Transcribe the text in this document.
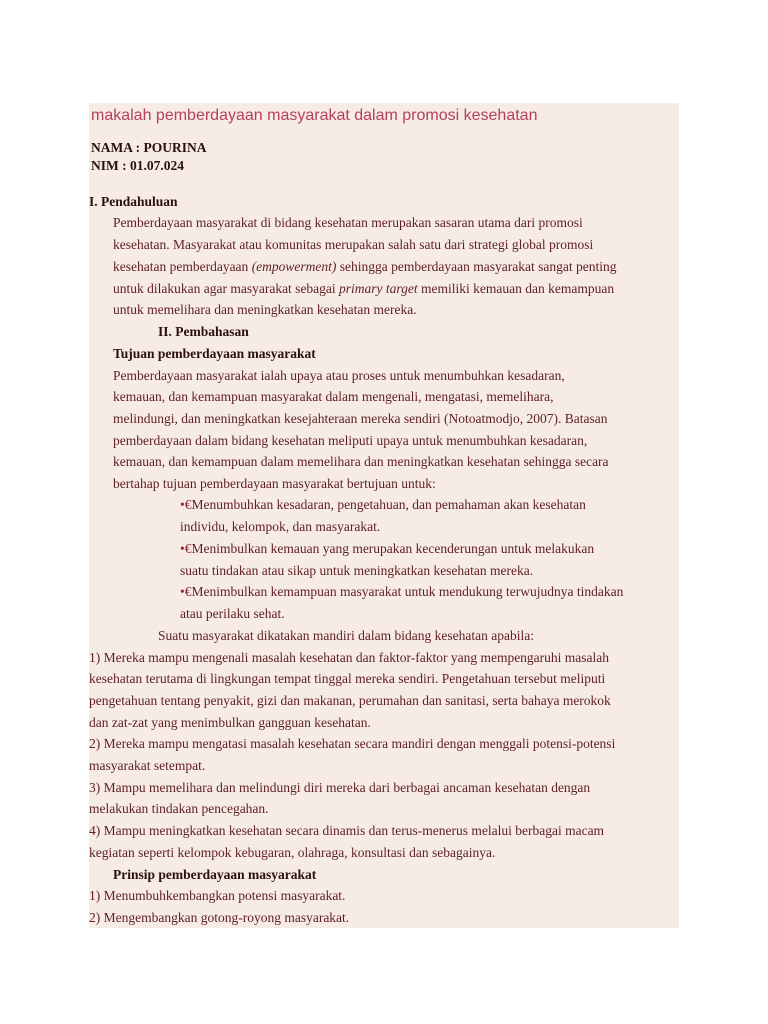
makalah pemberdayaan masyarakat dalam promosi kesehatan
NAMA : POURINA
NIM : 01.07.024
I. Pendahuluan
Pemberdayaan masyarakat di bidang kesehatan merupakan sasaran utama dari promosi
kesehatan. Masyarakat atau komunitas merupakan salah satu dari strategi global promosi
kesehatan pemberdayaan (empowerment) sehingga pemberdayaan masyarakat sangat penting
untuk dilakukan agar masyarakat sebagai primary target memiliki kemauan dan kemampuan
untuk memelihara dan meningkatkan kesehatan mereka.
II. Pembahasan
Tujuan pemberdayaan masyarakat
Pemberdayaan masyarakat ialah upaya atau proses untuk menumbuhkan kesadaran,
kemauan, dan kemampuan masyarakat dalam mengenali, mengatasi, memelihara,
melindungi, dan meningkatkan kesejahteraan mereka sendiri (Notoatmodjo, 2007). Batasan
pemberdayaan dalam bidang kesehatan meliputi upaya untuk menumbuhkan kesadaran,
kemauan, dan kemampuan dalam memelihara dan meningkatkan kesehatan sehingga secara
bertahap tujuan pemberdayaan masyarakat bertujuan untuk:
•€Menumbuhkan kesadaran, pengetahuan, dan pemahaman akan kesehatan
individu, kelompok, dan masyarakat.
•€Menimbulkan kemauan yang merupakan kecenderungan untuk melakukan
suatu tindakan atau sikap untuk meningkatkan kesehatan mereka.
•€Menimbulkan kemampuan masyarakat untuk mendukung terwujudnya tindakan
atau perilaku sehat.
Suatu masyarakat dikatakan mandiri dalam bidang kesehatan apabila:
1) Mereka mampu mengenali masalah kesehatan dan faktor-faktor yang mempengaruhi masalah
kesehatan terutama di lingkungan tempat tinggal mereka sendiri. Pengetahuan tersebut meliputi
pengetahuan tentang penyakit, gizi dan makanan, perumahan dan sanitasi, serta bahaya merokok
dan zat-zat yang menimbulkan gangguan kesehatan.
2) Mereka mampu mengatasi masalah kesehatan secara mandiri dengan menggali potensi-potensi
masyarakat setempat.
3) Mampu memelihara dan melindungi diri mereka dari berbagai ancaman kesehatan dengan
melakukan tindakan pencegahan.
4) Mampu meningkatkan kesehatan secara dinamis dan terus-menerus melalui berbagai macam
kegiatan seperti kelompok kebugaran, olahraga, konsultasi dan sebagainya.
Prinsip pemberdayaan masyarakat
1) Menumbuhkembangkan potensi masyarakat.
2) Mengembangkan gotong-royong masyarakat.
